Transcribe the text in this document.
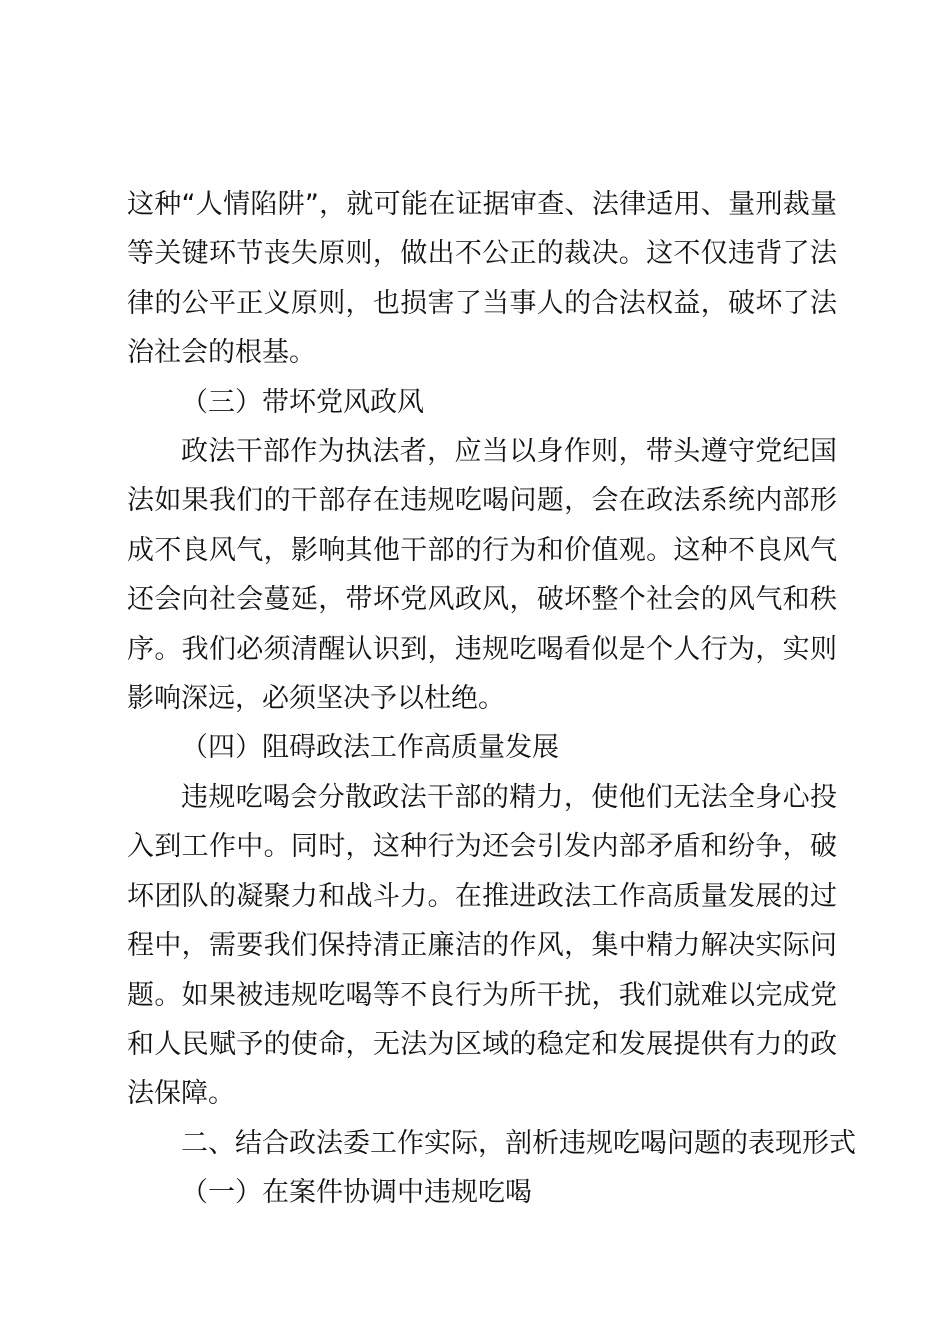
这种“人情陷阱”，就可能在证据审查、法律适用、量刑裁量等关键环节丧失原则，做出不公正的裁决。这不仅违背了法律的公平正义原则，也损害了当事人的合法权益，破坏了法治社会的根基。

（三）带坏党风政风

政法干部作为执法者，应当以身作则，带头遵守党纪国法如果我们的干部存在违规吃喝问题，会在政法系统内部形成不良风气，影响其他干部的行为和价值观。这种不良风气还会向社会蔓延，带坏党风政风，破坏整个社会的风气和秩序。我们必须清醒认识到，违规吃喝看似是个人行为，实则影响深远，必须坚决予以杜绝。

（四）阻碍政法工作高质量发展

违规吃喝会分散政法干部的精力，使他们无法全身心投入到工作中。同时，这种行为还会引发内部矛盾和纷争，破坏团队的凝聚力和战斗力。在推进政法工作高质量发展的过程中，需要我们保持清正廉洁的作风，集中精力解决实际问题。如果被违规吃喝等不良行为所干扰，我们就难以完成党和人民赋予的使命，无法为区域的稳定和发展提供有力的政法保障。

二、结合政法委工作实际，剖析违规吃喝问题的表现形式

（一）在案件协调中违规吃喝
